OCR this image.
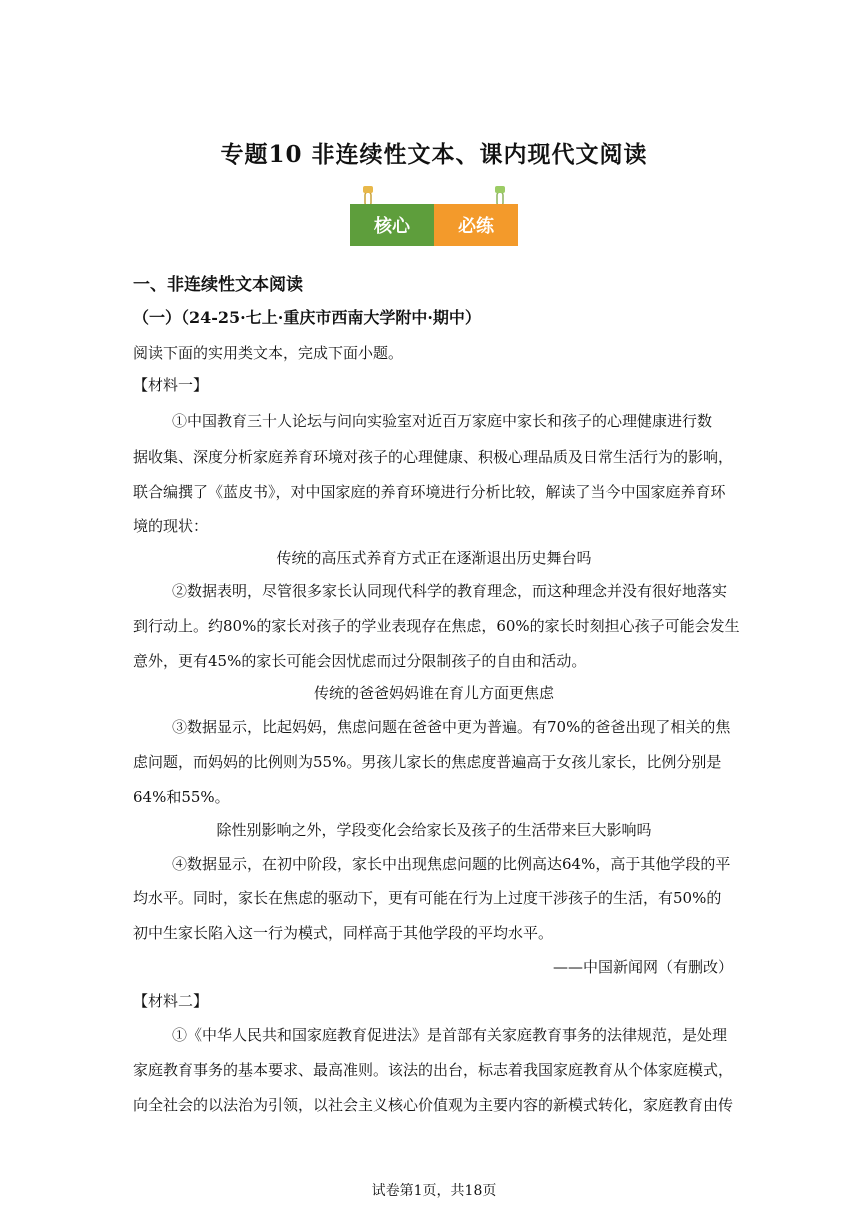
专题10 非连续性文本、课内现代文阅读
核心	必练
一、非连续性文本阅读
（一）（24-25·七上·重庆市西南大学附中·期中）
阅读下面的实用类文本，完成下面小题。
【材料一】
①中国教育三十人论坛与问向实验室对近百万家庭中家长和孩子的心理健康进行数
据收集、深度分析家庭养育环境对孩子的心理健康、积极心理品质及日常生活行为的影响，
联合编撰了《蓝皮书》，对中国家庭的养育环境进行分析比较，解读了当今中国家庭养育环
境的现状：
传统的高压式养育方式正在逐渐退出历史舞台吗
②数据表明，尽管很多家长认同现代科学的教育理念，而这种理念并没有很好地落实
到行动上。约80%的家长对孩子的学业表现存在焦虑，60%的家长时刻担心孩子可能会发生
意外，更有45%的家长可能会因忧虑而过分限制孩子的自由和活动。
传统的爸爸妈妈谁在育儿方面更焦虑
③数据显示，比起妈妈，焦虑问题在爸爸中更为普遍。有70%的爸爸出现了相关的焦
虑问题，而妈妈的比例则为55%。男孩儿家长的焦虑度普遍高于女孩儿家长，比例分别是
64%和55%。
除性别影响之外，学段变化会给家长及孩子的生活带来巨大影响吗
④数据显示，在初中阶段，家长中出现焦虑问题的比例高达64%，高于其他学段的平
均水平。同时，家长在焦虑的驱动下，更有可能在行为上过度干涉孩子的生活，有50%的
初中生家长陷入这一行为模式，同样高于其他学段的平均水平。
——中国新闻网（有删改）
【材料二】
①《中华人民共和国家庭教育促进法》是首部有关家庭教育事务的法律规范，是处理
家庭教育事务的基本要求、最高准则。该法的出台，标志着我国家庭教育从个体家庭模式，
向全社会的以法治为引领，以社会主义核心价值观为主要内容的新模式转化，家庭教育由传
试卷第1页，共18页
